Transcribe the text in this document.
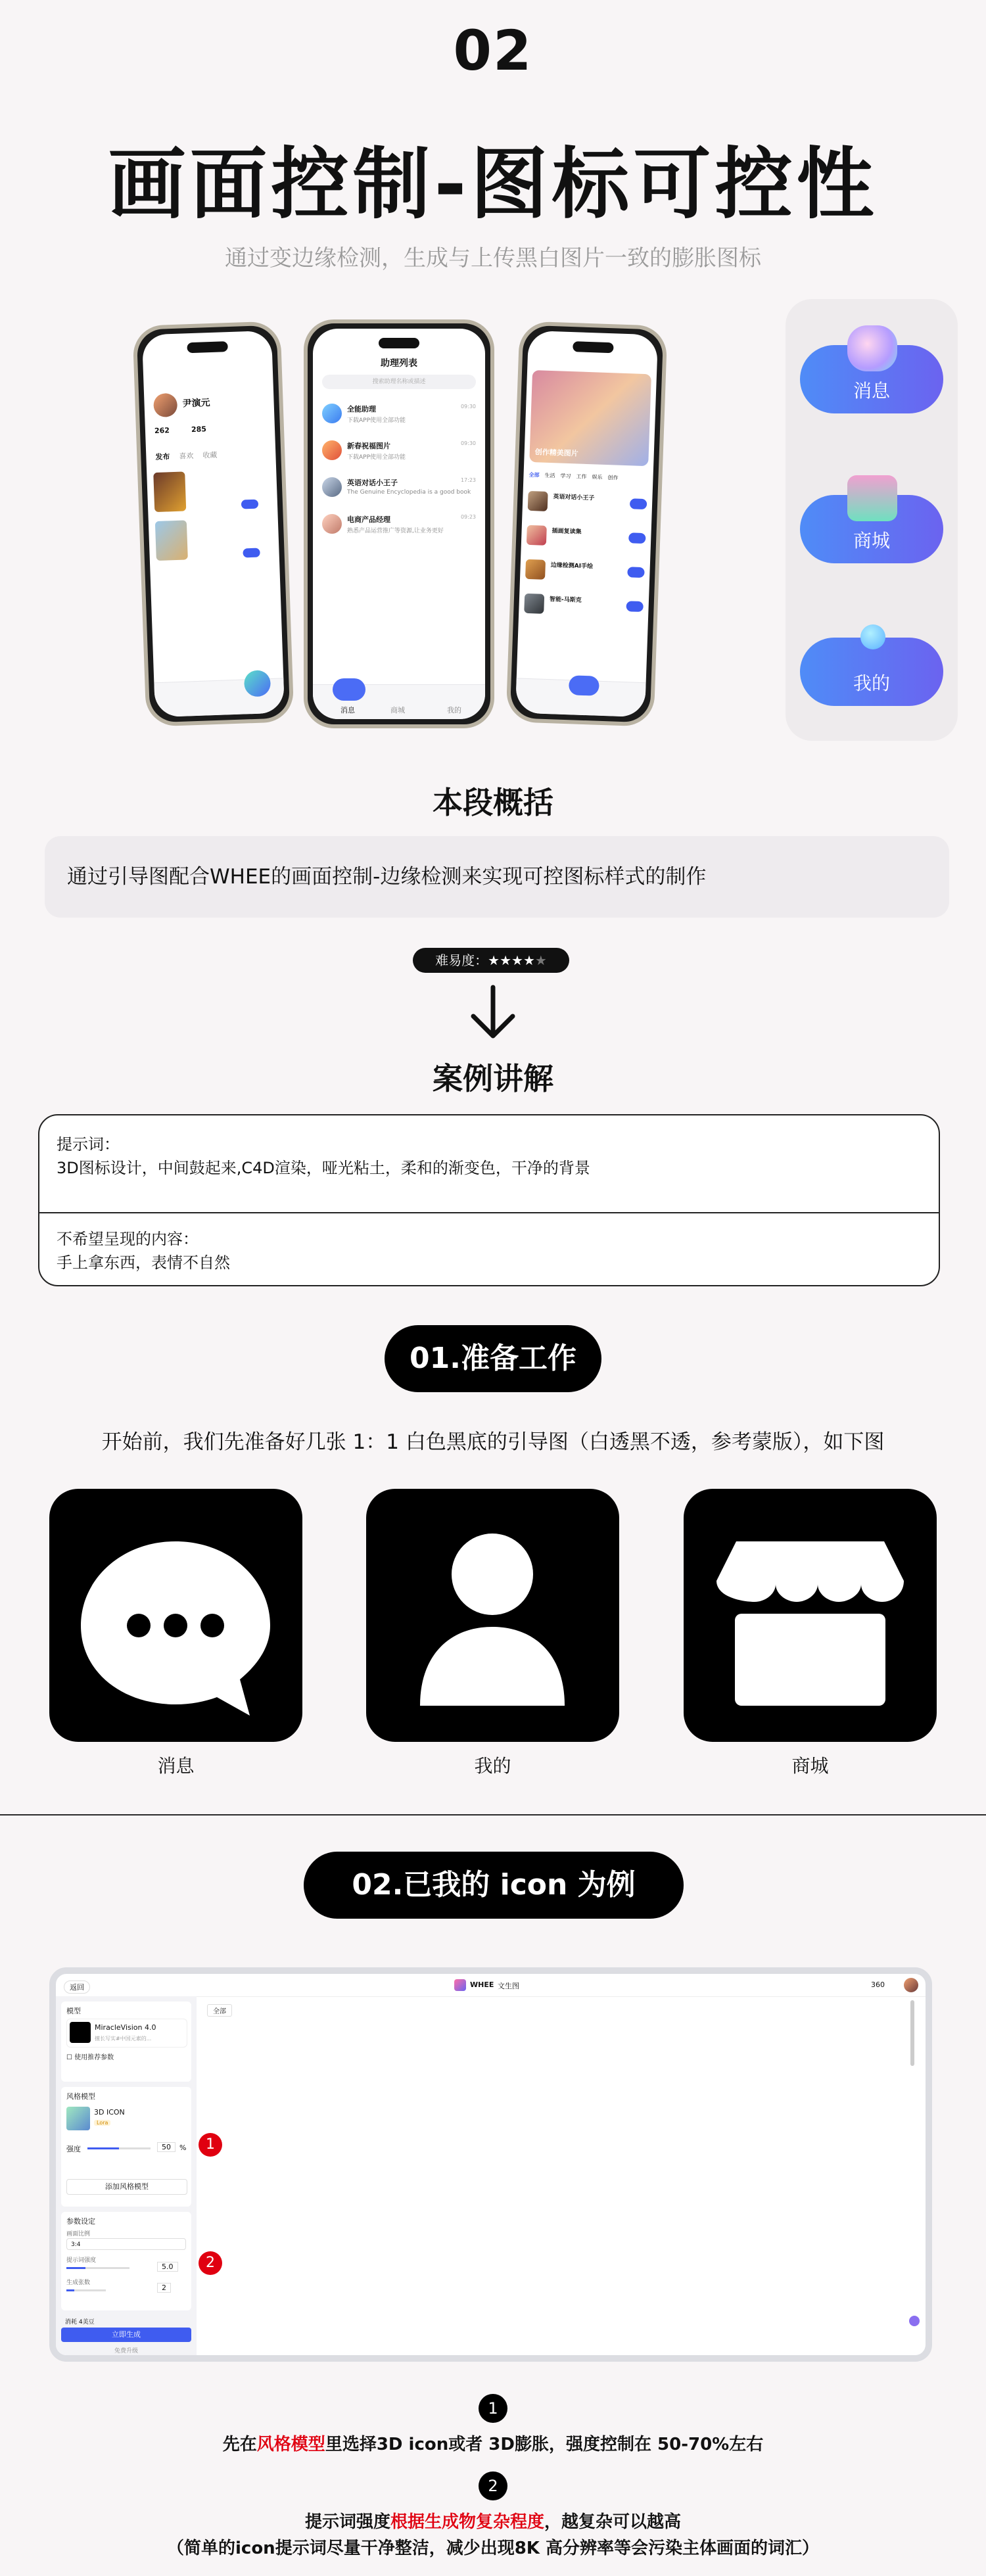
02
画面控制-图标可控性
通过变边缘检测，生成与上传黑白图片一致的膨胀图标
尹演元
262	285
发布 喜欢 收藏
助理列表
搜索助理名称或描述
全能助理
下载APP使用全部功能
09:30
新春祝福图片
下载APP使用全部功能
09:30
英语对话小王子
The Genuine Encyclopedia is a good book
17:23
电商产品经理
熟悉产品运营推广等资源,让业务更好
09:23
消息	商城	我的
创作精美图片
全部 生活 学习 工作 娱乐 创作
英语对话小王子
插画复读集
边缘检测AI手绘
智能-马斯克
消息
商城
我的
本段概括
通过引导图配合WHEE的画面控制-边缘检测来实现可控图标样式的制作
难易度：★★★★★
案例讲解
提示词：
3D图标设计，中间鼓起来,C4D渲染，哑光粘土，柔和的渐变色，干净的背景
不希望呈现的内容：
手上拿东西，表情不自然
01.准备工作
开始前，我们先准备好几张 1：1 白色黑底的引导图（白透黑不透，参考蒙版），如下图
消息	我的	商城
02.已我的 icon 为例
返回	WHEE 文生图	360
模型
MiracleVision 4.0
擅长写实#中国元素的...
☐ 使用推荐参数
风格模型
3D ICON
Lora
强度	50	%
添加风格模型
参数设定
画面比例
3:4
提示词强度
5.0
生成张数
2
消耗 4美豆
立即生成
免费升级
全部
1
2
1
先在风格模型里选择3D icon或者 3D膨胀，强度控制在 50-70%左右
2
提示词强度根据生成物复杂程度，越复杂可以越高
（简单的icon提示词尽量干净整洁，减少出现8K 高分辨率等会污染主体画面的词汇）
